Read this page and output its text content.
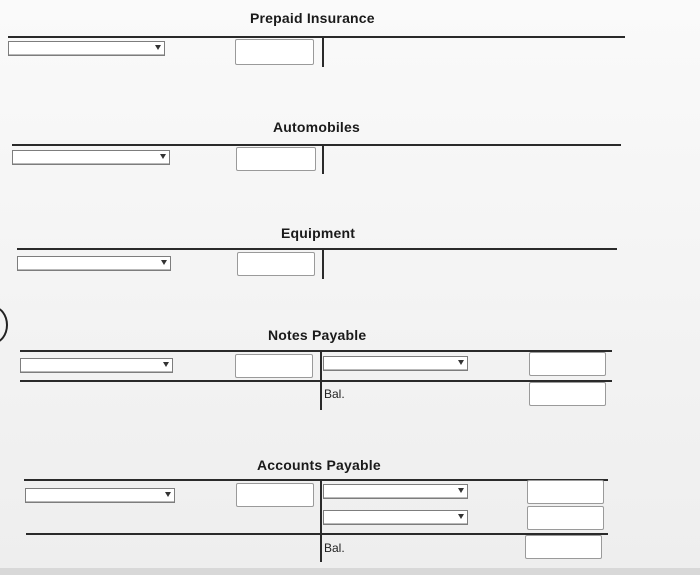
Prepaid Insurance
Automobiles
Equipment
Notes Payable
Bal.
Accounts Payable
Bal.
